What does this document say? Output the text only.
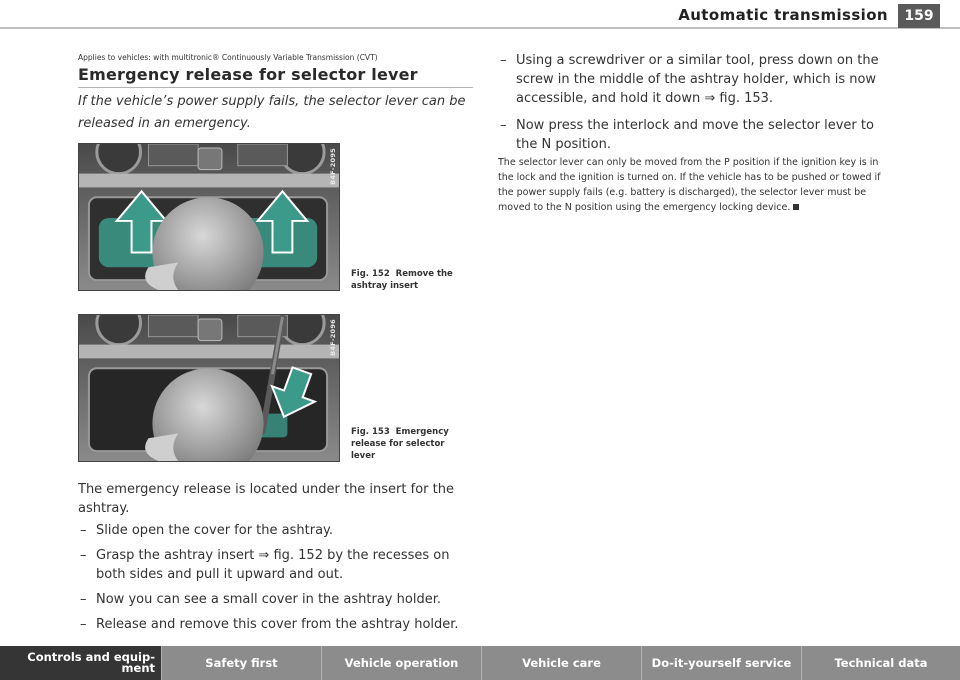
Automatic transmission	159
Applies to vehicles: with multitronic® Continuously Variable Transmission (CVT)
Emergency release for selector lever
If the vehicle’s power supply fails, the selector lever can be released in an emergency.
B4F-2095
Fig. 152 Remove the ashtray insert
B4F-2096
Fig. 153 Emergency release for selector lever
The emergency release is located under the insert for the ashtray.
– Slide open the cover for the ashtray.
– Grasp the ashtray insert ⇒ fig. 152 by the recesses on both sides and pull it upward and out.
– Now you can see a small cover in the ashtray holder.
– Release and remove this cover from the ashtray holder.
– Using a screwdriver or a similar tool, press down on the screw in the middle of the ashtray holder, which is now accessible, and hold it down ⇒ fig. 153.
– Now press the interlock and move the selector lever to the N position.
The selector lever can only be moved from the P position if the ignition key is in the lock and the ignition is turned on. If the vehicle has to be pushed or towed if the power supply fails (e.g. battery is discharged), the selector lever must be moved to the N position using the emergency locking device.
Controls and equip-

ment	Safety first	Vehicle operation	Vehicle care	Do-it-yourself service	Technical data
